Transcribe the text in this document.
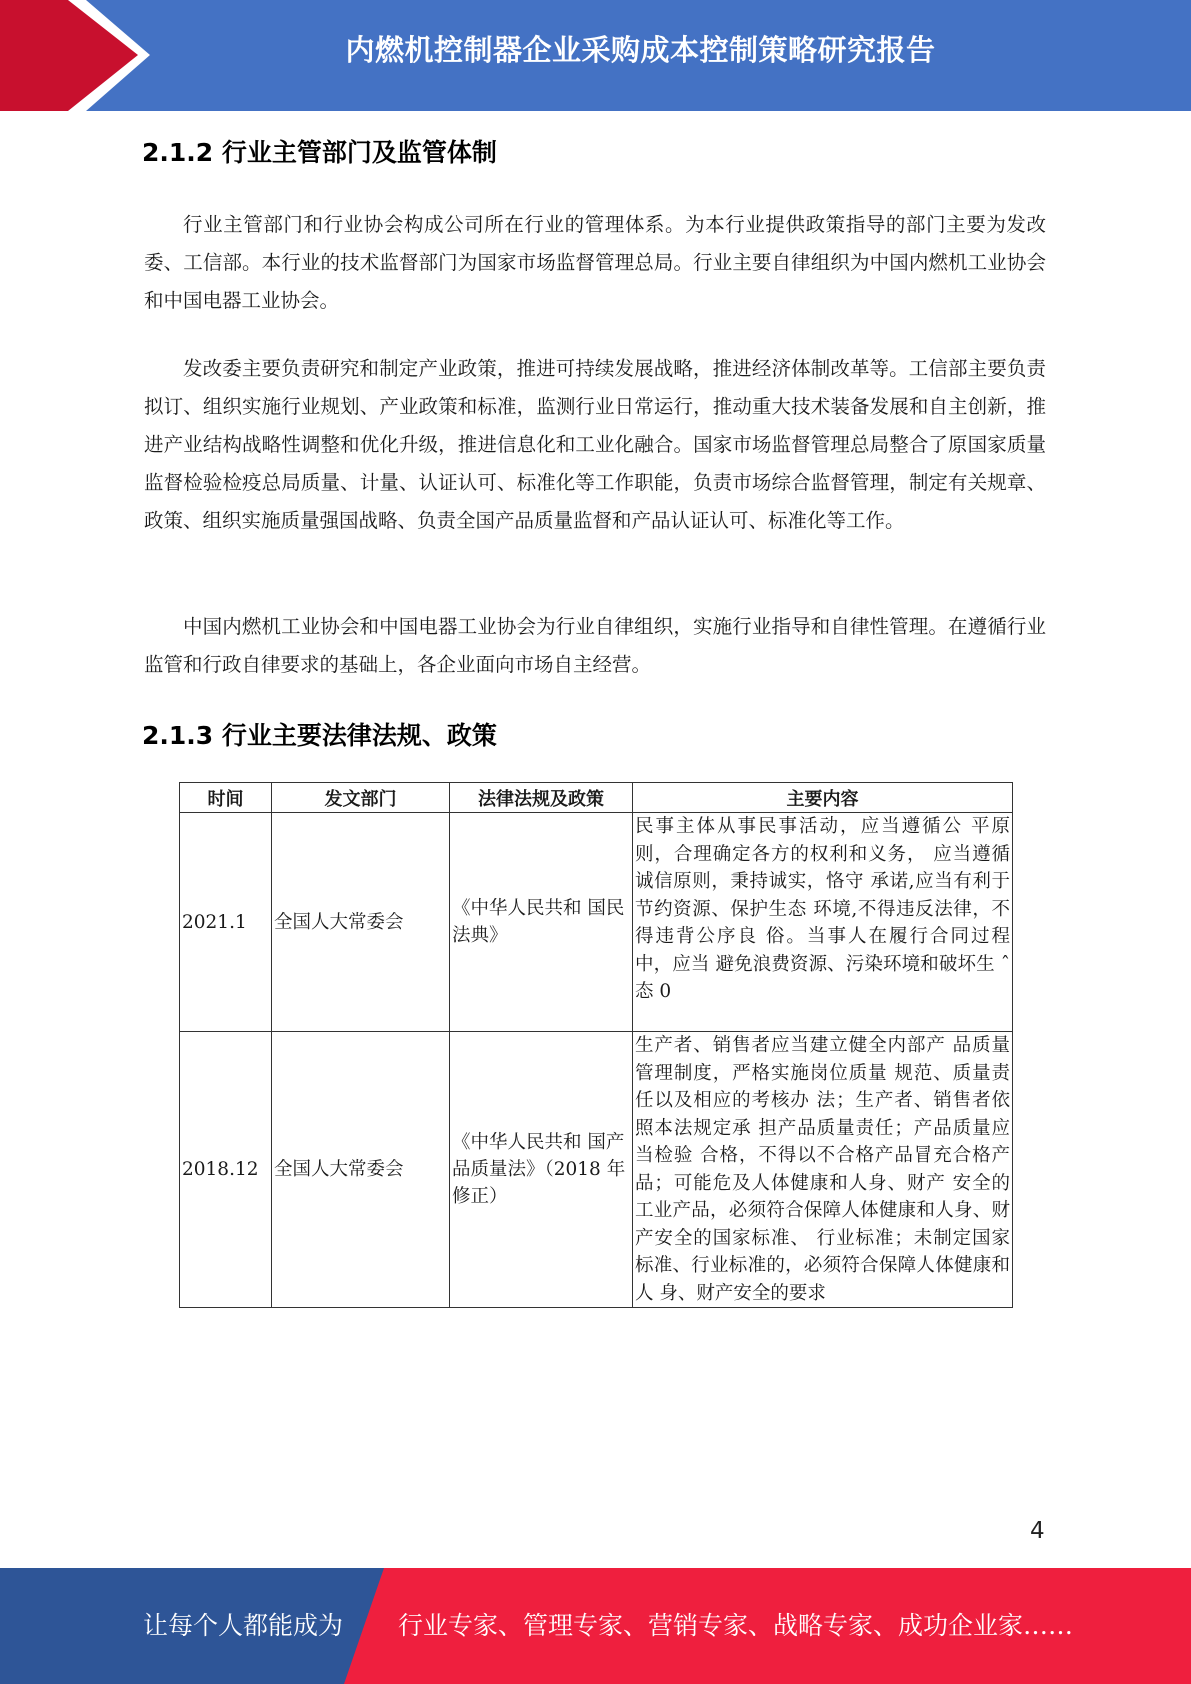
内燃机控制器企业采购成本控制策略研究报告
2.1.2 行业主管部门及监管体制

行业主管部门和行业协会构成公司所在行业的管理体系。为本行业提供政策指导的部门主要为发改委、工信部。本行业的技术监督部门为国家市场监督管理总局。行业主要自律组织为中国内燃机工业协会和中国电器工业协会。

发改委主要负责研究和制定产业政策，推进可持续发展战略，推进经济体制改革等。工信部主要负责拟订、组织实施行业规划、产业政策和标准，监测行业日常运行，推动重大技术装备发展和自主创新，推进产业结构战略性调整和优化升级，推进信息化和工业化融合。国家市场监督管理总局整合了原国家质量监督检验检疫总局质量、计量、认证认可、标准化等工作职能，负责市场综合监督管理，制定有关规章、政策、组织实施质量强国战略、负责全国产品质量监督和产品认证认可、标准化等工作。

中国内燃机工业协会和中国电器工业协会为行业自律组织，实施行业指导和自律性管理。在遵循行业监管和行政自律要求的基础上，各企业面向市场自主经营。

2.1.3 行业主要法律法规、政策
时间	发文部门	法律法规及政策	主要内容
2021.1	全国人大常委会	《中华人民共和 国民法典》	民事主体从事民事活动，应当遵循公 平原则，合理确定各方的权利和义务， 应当遵循诚信原则，秉持诚实，恪守 承诺,应当有利于节约资源、保护生态 环境,不得违反法律，不得违背公序良 俗。当事人在履行合同过程中，应当 避免浪费资源、污染环境和破坏生 ˆ态 0

2018.12	全国人大常委会	《中华人民共和 国产品质量法》（2018 年修正）	生产者、销售者应当建立健全内部产 品质量管理制度，严格实施岗位质量 规范、质量责任以及相应的考核办 法；生产者、销售者依照本法规定承 担产品质量责任；产品质量应当检验 合格，不得以不合格产品冒充合格产 品；可能危及人体健康和人身、财产 安全的工业产品，必须符合保障人体健康和人身、财产安全的国家标准、 行业标准；未制定国家标准、行业标准的，必须符合保障人体健康和人 身、财产安全的要求
4
让每个人都能成为 行业专家、管理专家、营销专家、战略专家、成功企业家……
